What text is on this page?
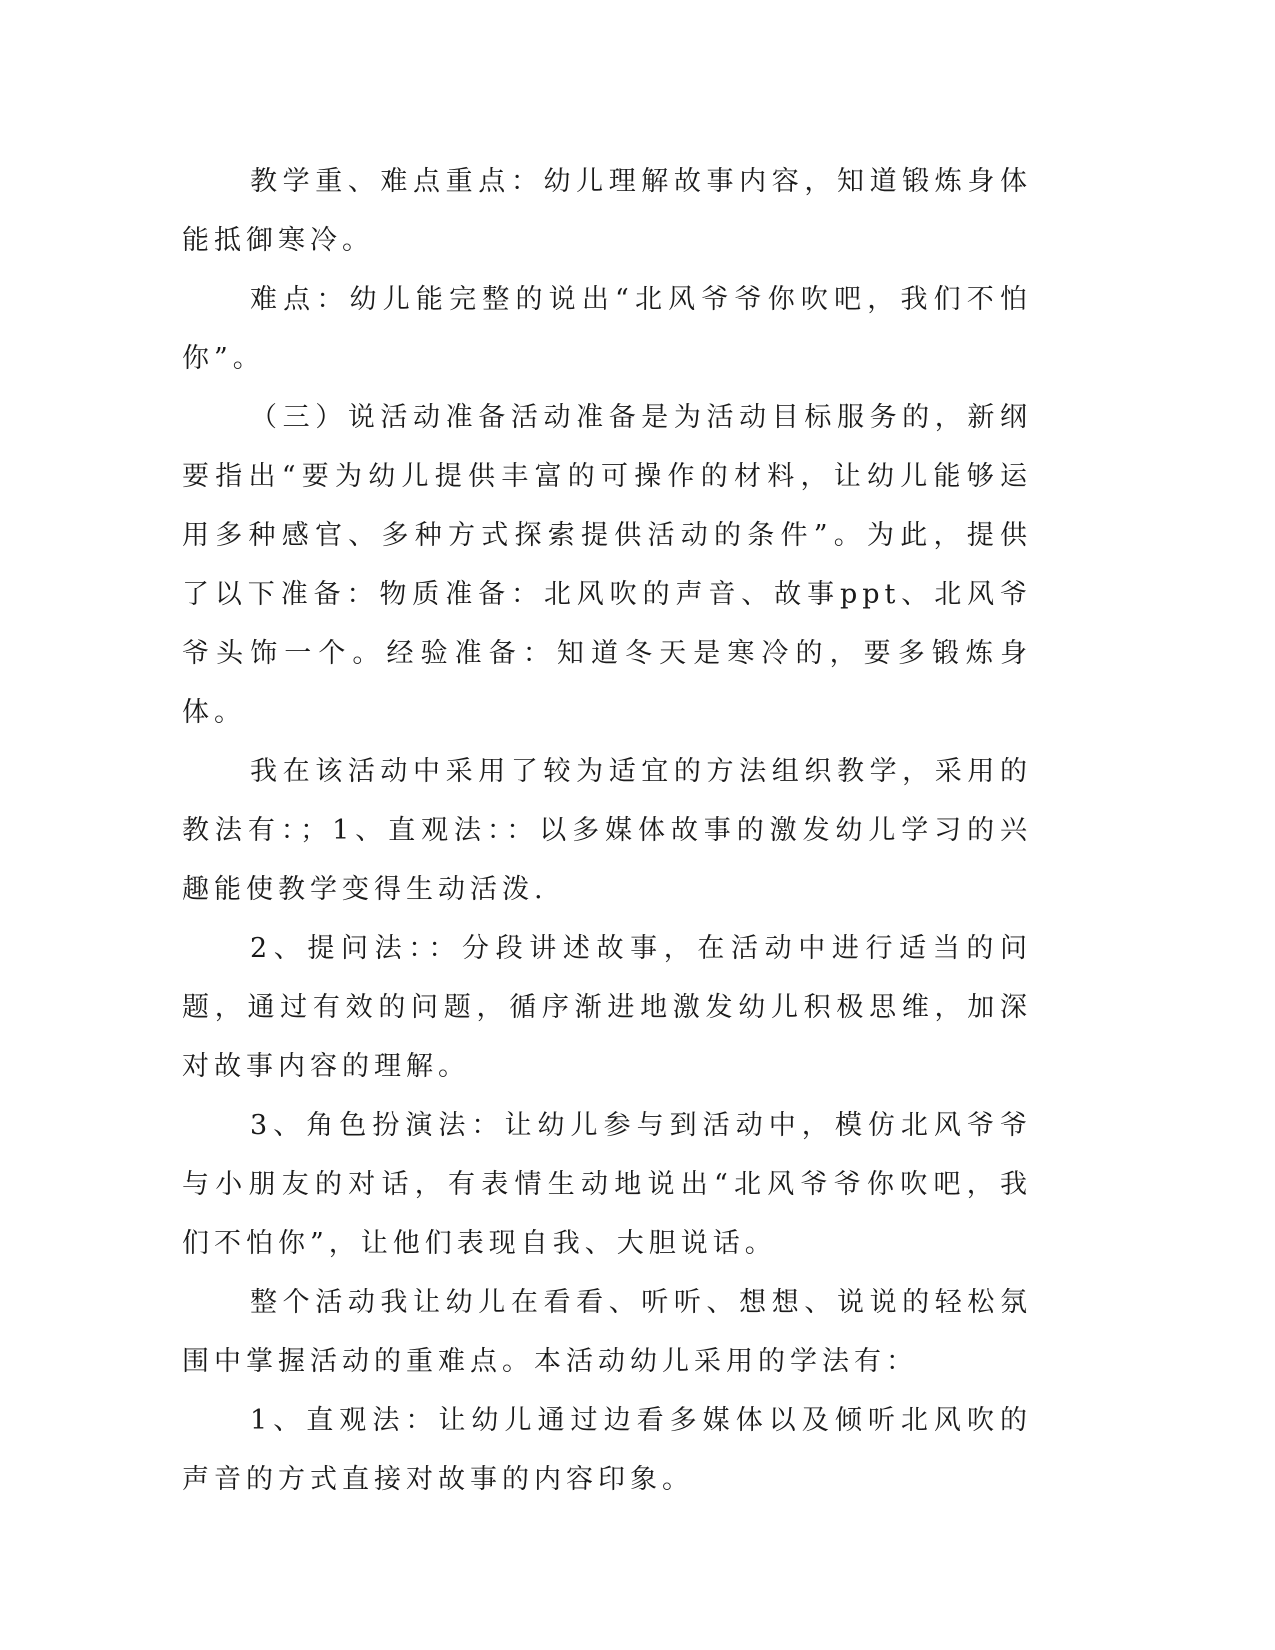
教学重、难点重点：幼儿理解故事内容，知道锻炼身体能抵御寒冷。

难点：幼儿能完整的说出“北风爷爷你吹吧，我们不怕你”。

（三）说活动准备活动准备是为活动目标服务的，新纲要指出“要为幼儿提供丰富的可操作的材料，让幼儿能够运用多种感官、多种方式探索提供活动的条件”。为此，提供了以下准备：物质准备：北风吹的声音、故事ppt、北风爷爷头饰一个。经验准备：知道冬天是寒冷的，要多锻炼身体。

我在该活动中采用了较为适宜的方法组织教学，采用的教法有：；1、直观法：：以多媒体故事的激发幼儿学习的兴趣能使教学变得生动活泼.

2、提问法：：分段讲述故事，在活动中进行适当的问题，通过有效的问题，循序渐进地激发幼儿积极思维，加深对故事内容的理解。

3、角色扮演法：让幼儿参与到活动中，模仿北风爷爷与小朋友的对话，有表情生动地说出“北风爷爷你吹吧，我们不怕你”，让他们表现自我、大胆说话。

整个活动我让幼儿在看看、听听、想想、说说的轻松氛围中掌握活动的重难点。本活动幼儿采用的学法有：

1、直观法：让幼儿通过边看多媒体以及倾听北风吹的声音的方式直接对故事的内容印象。
